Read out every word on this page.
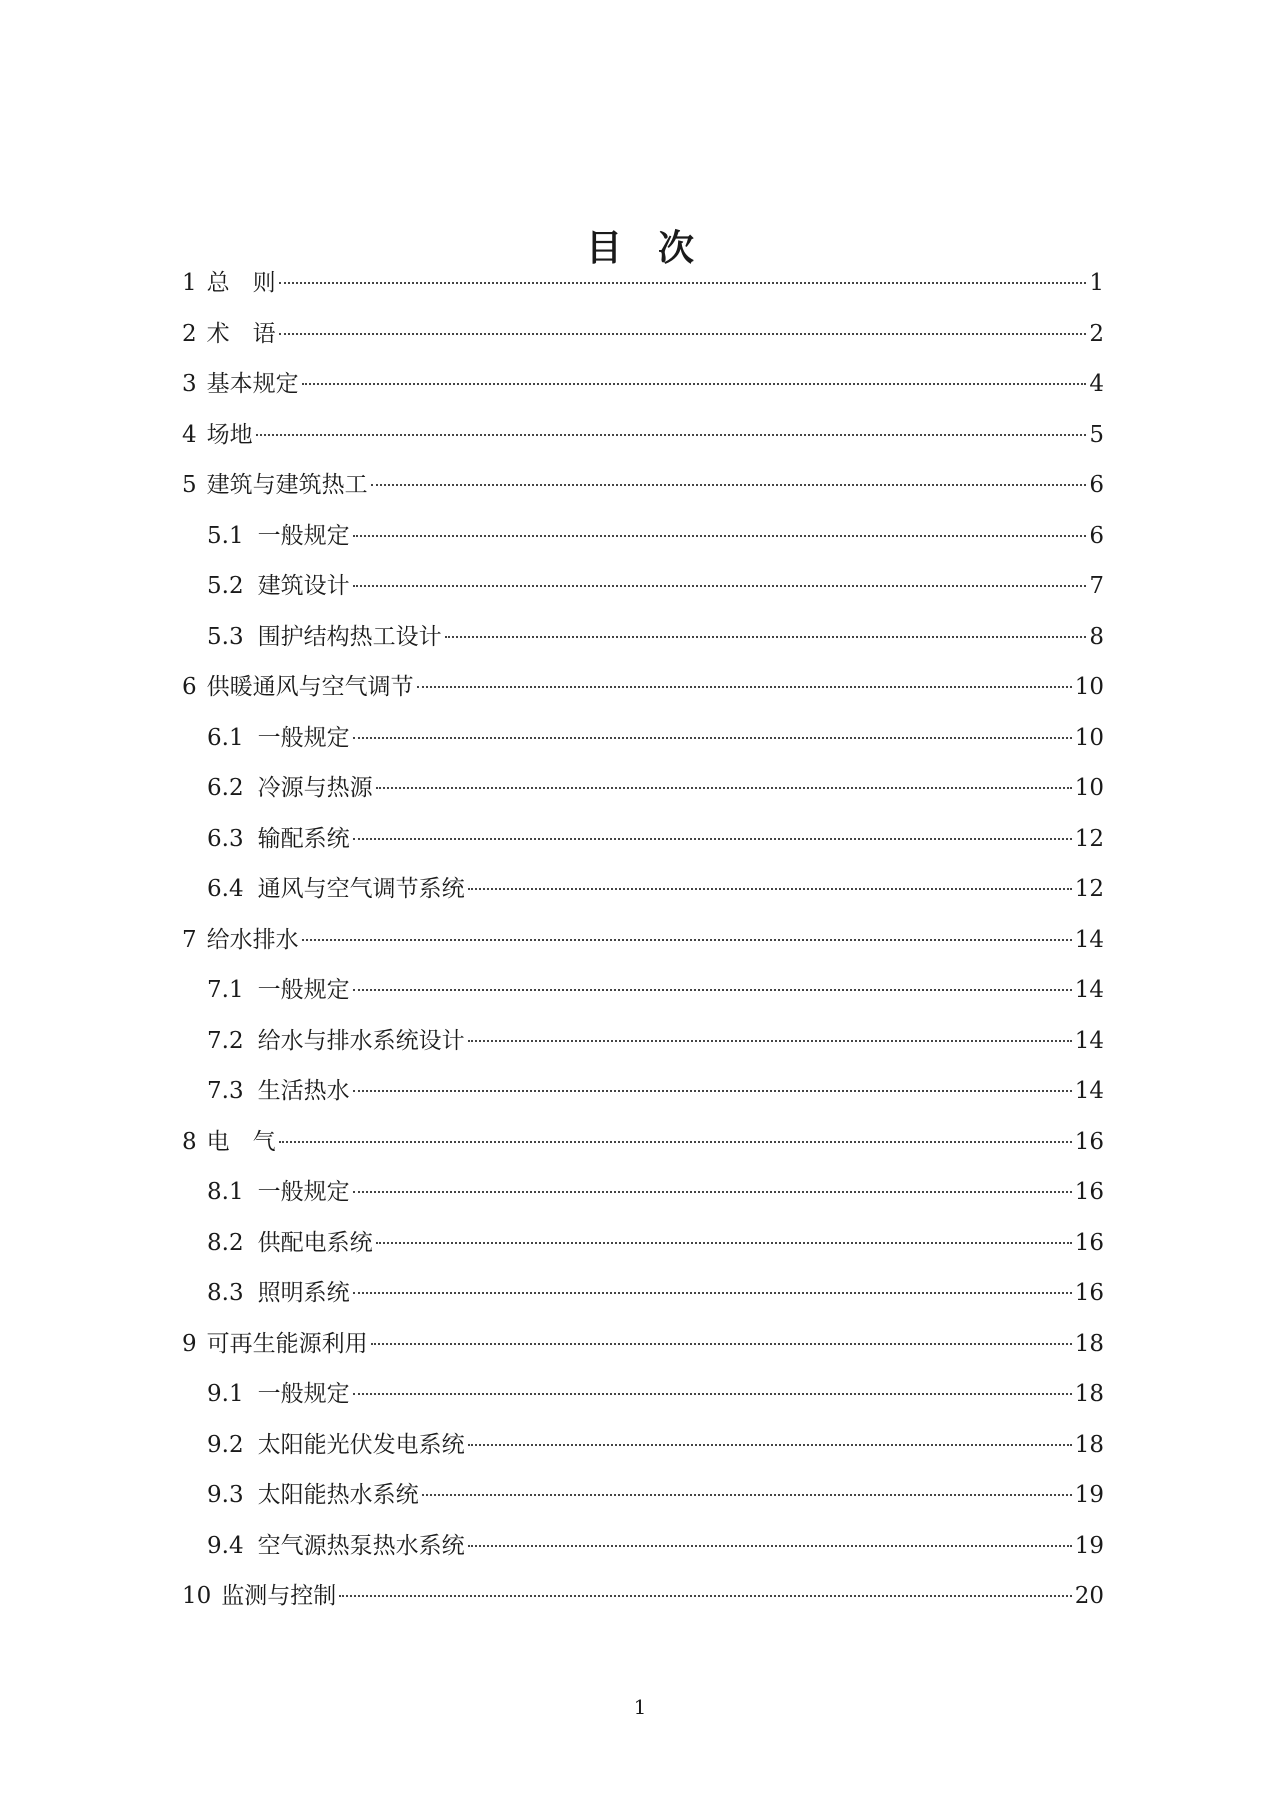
目 次
1 总　则	1
2 术　语	2
3 基本规定	4
4 场地	5
5 建筑与建筑热工	6
5.1 一般规定	6
5.2 建筑设计	7
5.3 围护结构热工设计	8
6 供暖通风与空气调节	10
6.1 一般规定	10
6.2 冷源与热源	10
6.3 输配系统	12
6.4 通风与空气调节系统	12
7 给水排水	14
7.1 一般规定	14
7.2 给水与排水系统设计	14
7.3 生活热水	14
8 电　气	16
8.1 一般规定	16
8.2 供配电系统	16
8.3 照明系统	16
9 可再生能源利用	18
9.1 一般规定	18
9.2 太阳能光伏发电系统	18
9.3 太阳能热水系统	19
9.4 空气源热泵热水系统	19
10 监测与控制	20
1
